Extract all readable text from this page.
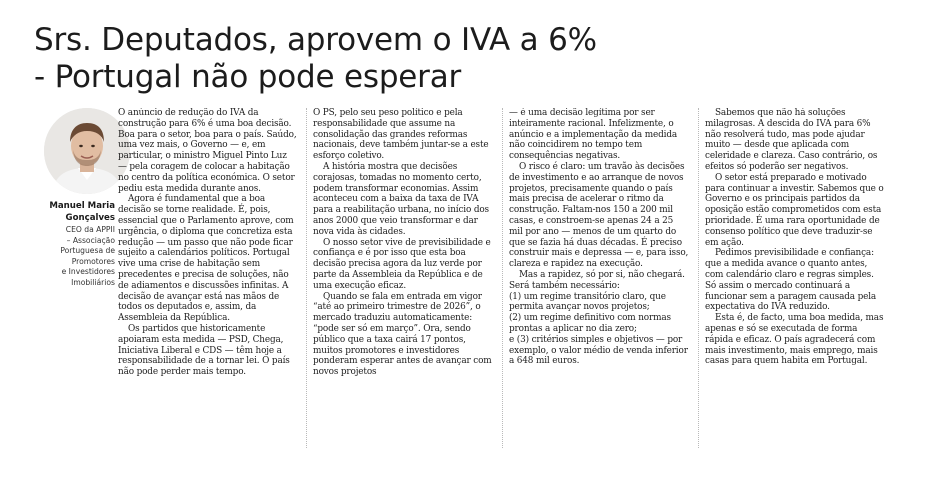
Srs. Deputados, aprovem o IVA a 6%
- Portugal não pode esperar
Manuel Maria
Gonçalves
CEO da APPII
– Associação
Portuguesa de
Promotores
e Investidores
Imobiliários

O anúncio de redução do IVA da construção para 6% é uma boa decisão. Boa para o setor, boa para o país. Saúdo, uma vez mais, o Governo — e, em particular, o ministro Miguel Pinto Luz — pela coragem de colocar a habitação no centro da política económica. O setor pediu esta medida durante anos.

Agora é fundamental que a boa decisão se torne realidade. É, pois, essencial que o Parlamento aprove, com urgência, o diploma que concretiza esta redução — um passo que não pode ficar sujeito a calendários políticos. Portugal vive uma crise de habitação sem precedentes e precisa de soluções, não de adiamentos e discussões infinitas. A decisão de avançar está nas mãos de todos os deputados e, assim, da Assembleia da República.

Os partidos que historicamente apoiaram esta medida — PSD, Chega, Iniciativa Liberal e CDS — têm hoje a responsabilidade de a tornar lei. O país não pode perder mais tempo.

O PS, pelo seu peso político e pela responsabilidade que assume na consolidação das grandes reformas nacionais, deve também juntar-se a este esforço coletivo.

A história mostra que decisões corajosas, tomadas no momento certo, podem transformar economias. Assim aconteceu com a baixa da taxa de IVA para a reabilitação urbana, no início dos anos 2000 que veio transformar e dar nova vida às cidades.

O nosso setor vive de previsibilidade e confiança e é por isso que esta boa decisão precisa agora da luz verde por parte da Assembleia da República e de uma execução eficaz.

Quando se fala em entrada em vigor “até ao primeiro trimestre de 2026”, o mercado traduziu automaticamente: “pode ser só em março”. Ora, sendo público que a taxa cairá 17 pontos, muitos promotores e investidores ponderam esperar antes de avançar com novos projetos

— é uma decisão legítima por ser inteiramente racional. Infelizmente, o anúncio e a implementação da medida não coincidirem no tempo tem consequências negativas.

O risco é claro: um travão às decisões de investimento e ao arranque de novos projetos, precisamente quando o país mais precisa de acelerar o ritmo da construção. Faltam-nos 150 a 200 mil casas, e constroem-se apenas 24 a 25 mil por ano — menos de um quarto do que se fazia há duas décadas. É preciso construir mais e depressa — e, para isso, clareza e rapidez na execução.

Mas a rapidez, só por si, não chegará. Será também necessário:

(1) um regime transitório claro, que permita avançar novos projetos;

(2) um regime definitivo com normas prontas a aplicar no dia zero;

e (3) critérios simples e objetivos — por exemplo, o valor médio de venda inferior a 648 mil euros.

Sabemos que não há soluções milagrosas. A descida do IVA para 6% não resolverá tudo, mas pode ajudar muito — desde que aplicada com celeridade e clareza. Caso contrário, os efeitos só poderão ser negativos.

O setor está preparado e motivado para continuar a investir. Sabemos que o Governo e os principais partidos da oposição estão comprometidos com esta prioridade. É uma rara oportunidade de consenso político que deve traduzir-se em ação.

Pedimos previsibilidade e confiança: que a medida avance o quanto antes, com calendário claro e regras simples. Só assim o mercado continuará a funcionar sem a paragem causada pela expectativa do IVA reduzido.

Esta é, de facto, uma boa medida, mas apenas e só se executada de forma rápida e eficaz. O país agradecerá com mais investimento, mais emprego, mais casas para quem habita em Portugal.
